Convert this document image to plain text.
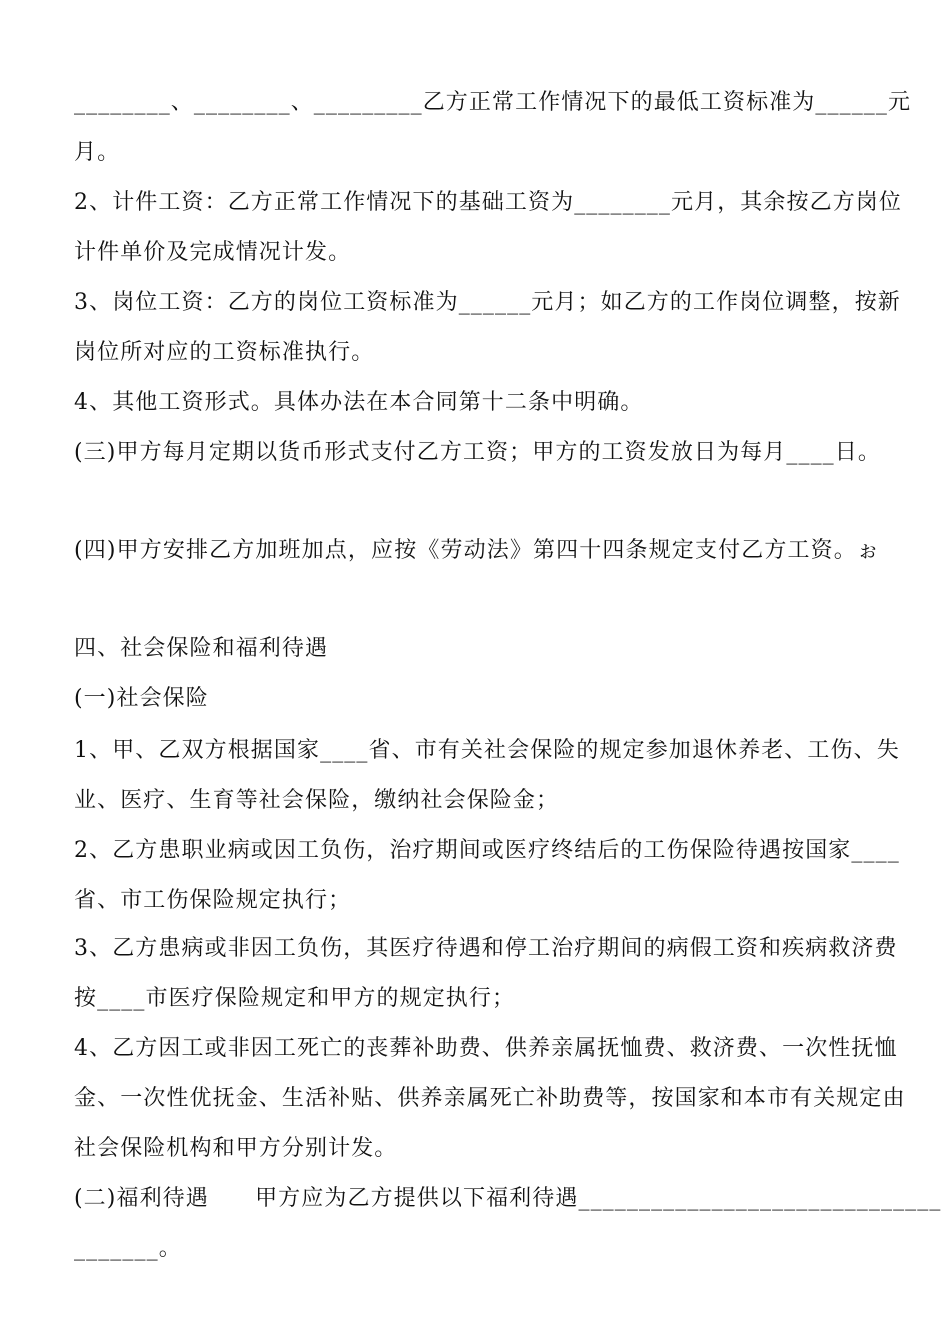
________、________、_________乙方正常工作情况下的最低工资标准为______元
月。
2、计件工资：乙方正常工作情况下的基础工资为________元月，其余按乙方岗位
计件单价及完成情况计发。
3、岗位工资：乙方的岗位工资标准为______元月；如乙方的工作岗位调整，按新
岗位所对应的工资标准执行。
4、其他工资形式。具体办法在本合同第十二条中明确。
(三)甲方每月定期以货币形式支付乙方工资；甲方的工资发放日为每月____日。
(四)甲方安排乙方加班加点，应按《劳动法》第四十四条规定支付乙方工资。ぉ
四、社会保险和福利待遇
(一)社会保险
1、甲、乙双方根据国家____省、市有关社会保险的规定参加退休养老、工伤、失
业、医疗、生育等社会保险，缴纳社会保险金；
2、乙方患职业病或因工负伤，治疗期间或医疗终结后的工伤保险待遇按国家____
省、市工伤保险规定执行；
3、乙方患病或非因工负伤，其医疗待遇和停工治疗期间的病假工资和疾病救济费
按____市医疗保险规定和甲方的规定执行；
4、乙方因工或非因工死亡的丧葬补助费、供养亲属抚恤费、救济费、一次性抚恤
金、一次性优抚金、生活补贴、供养亲属死亡补助费等，按国家和本市有关规定由
社会保险机构和甲方分别计发。
(二)福利待遇　　甲方应为乙方提供以下福利待遇______________________________
_______。
